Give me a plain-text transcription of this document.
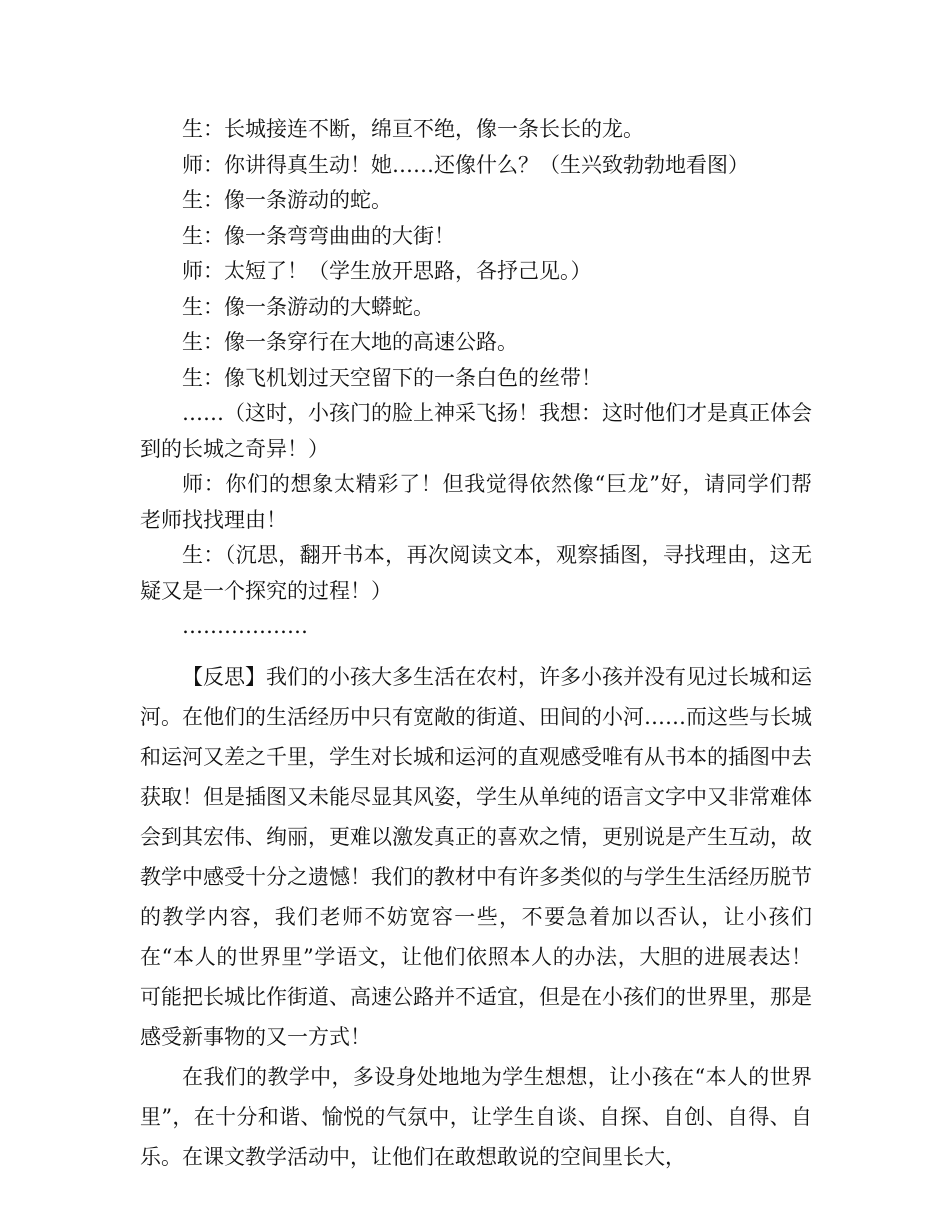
生：长城接连不断，绵亘不绝，像一条长长的龙。

师：你讲得真生动！她……还像什么？（生兴致勃勃地看图）

生：像一条游动的蛇。

生：像一条弯弯曲曲的大街！

师：太短了！（学生放开思路，各抒己见。）

生：像一条游动的大蟒蛇。

生：像一条穿行在大地的高速公路。

生：像飞机划过天空留下的一条白色的丝带！

……（这时，小孩门的脸上神采飞扬！我想：这时他们才是真正体会到的长城之奇异！）

师：你们的想象太精彩了！但我觉得依然像“巨龙”好，请同学们帮老师找找理由！

生：（沉思，翻开书本，再次阅读文本，观察插图，寻找理由，这无疑又是一个探究的过程！）

………………

【反思】我们的小孩大多生活在农村，许多小孩并没有见过长城和运河。在他们的生活经历中只有宽敞的街道、田间的小河……而这些与长城和运河又差之千里，学生对长城和运河的直观感受唯有从书本的插图中去获取！但是插图又未能尽显其风姿，学生从单纯的语言文字中又非常难体会到其宏伟、绚丽，更难以激发真正的喜欢之情，更别说是产生互动，故教学中感受十分之遗憾！我们的教材中有许多类似的与学生生活经历脱节的教学内容，我们老师不妨宽容一些，不要急着加以否认，让小孩们在“本人的世界里”学语文，让他们依照本人的办法，大胆的进展表达！可能把长城比作街道、高速公路并不适宜，但是在小孩们的世界里，那是感受新事物的又一方式！

在我们的教学中，多设身处地地为学生想想，让小孩在“本人的世界里”，在十分和谐、愉悦的气氛中，让学生自谈、自探、自创、自得、自乐。在课文教学活动中，让他们在敢想敢说的空间里长大，
